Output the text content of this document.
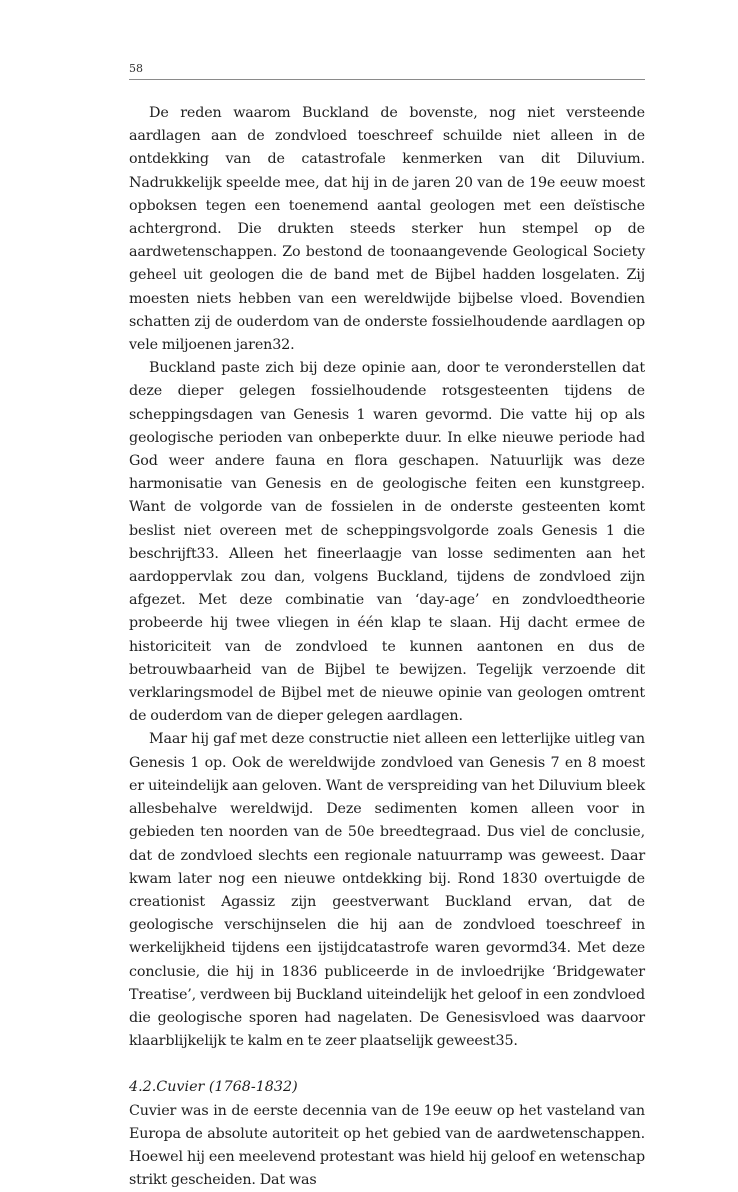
58

De reden waarom Buckland de bovenste, nog niet versteende aardlagen aan de zondvloed toeschreef schuilde niet alleen in de ontdekking van de catastrofale kenmerken van dit Diluvium. Nadrukkelijk speelde mee, dat hij in de jaren 20 van de 19e eeuw moest opboksen tegen een toenemend aantal geologen met een deïstische achtergrond. Die drukten steeds sterker hun stempel op de aardwetenschappen. Zo bestond de toonaangevende Geological Society geheel uit geologen die de band met de Bijbel hadden losgelaten. Zij moesten niets hebben van een wereldwijde bijbelse vloed. Bovendien schatten zij de ouderdom van de onderste fossielhoudende aardlagen op vele miljoenen jaren32.

Buckland paste zich bij deze opinie aan, door te veronderstellen dat deze dieper gelegen fossielhoudende rotsgesteenten tijdens de scheppingsdagen van Genesis 1 waren gevormd. Die vatte hij op als geologische perioden van onbeperkte duur. In elke nieuwe periode had God weer andere fauna en flora geschapen. Natuurlijk was deze harmonisatie van Genesis en de geologische feiten een kunstgreep. Want de volgorde van de fossielen in de onderste gesteenten komt beslist niet overeen met de scheppingsvolgorde zoals Genesis 1 die beschrijft33. Alleen het fineerlaagje van losse sedimenten aan het aardoppervlak zou dan, volgens Buckland, tijdens de zondvloed zijn afgezet. Met deze combinatie van ‘day-age’ en zondvloedtheorie probeerde hij twee vliegen in één klap te slaan. Hij dacht ermee de historiciteit van de zondvloed te kunnen aantonen en dus de betrouwbaarheid van de Bijbel te bewijzen. Tegelijk verzoende dit verklaringsmodel de Bijbel met de nieuwe opinie van geologen omtrent de ouderdom van de dieper gelegen aardlagen.

Maar hij gaf met deze constructie niet alleen een letterlijke uitleg van Genesis 1 op. Ook de wereldwijde zondvloed van Genesis 7 en 8 moest er uiteindelijk aan geloven. Want de verspreiding van het Diluvium bleek allesbehalve wereldwijd. Deze sedimenten komen alleen voor in gebieden ten noorden van de 50e breedtegraad. Dus viel de conclusie, dat de zondvloed slechts een regionale natuurramp was geweest. Daar kwam later nog een nieuwe ontdekking bij. Rond 1830 overtuigde de creationist Agassiz zijn geestverwant Buckland ervan, dat de geologische verschijnselen die hij aan de zondvloed toeschreef in werkelijkheid tijdens een ijstijdcatastrofe waren gevormd34. Met deze conclusie, die hij in 1836 publiceerde in de invloedrijke ‘Bridgewater Treatise’, verdween bij Buckland uiteindelijk het geloof in een zondvloed die geologische sporen had nagelaten. De Genesisvloed was daarvoor klaarblijkelijk te kalm en te zeer plaatselijk geweest35.

4.2.Cuvier (1768-1832)

Cuvier was in de eerste decennia van de 19e eeuw op het vasteland van Europa de absolute autoriteit op het gebied van de aardwetenschappen. Hoewel hij een meelevend protestant was hield hij geloof en wetenschap strikt gescheiden. Dat was
